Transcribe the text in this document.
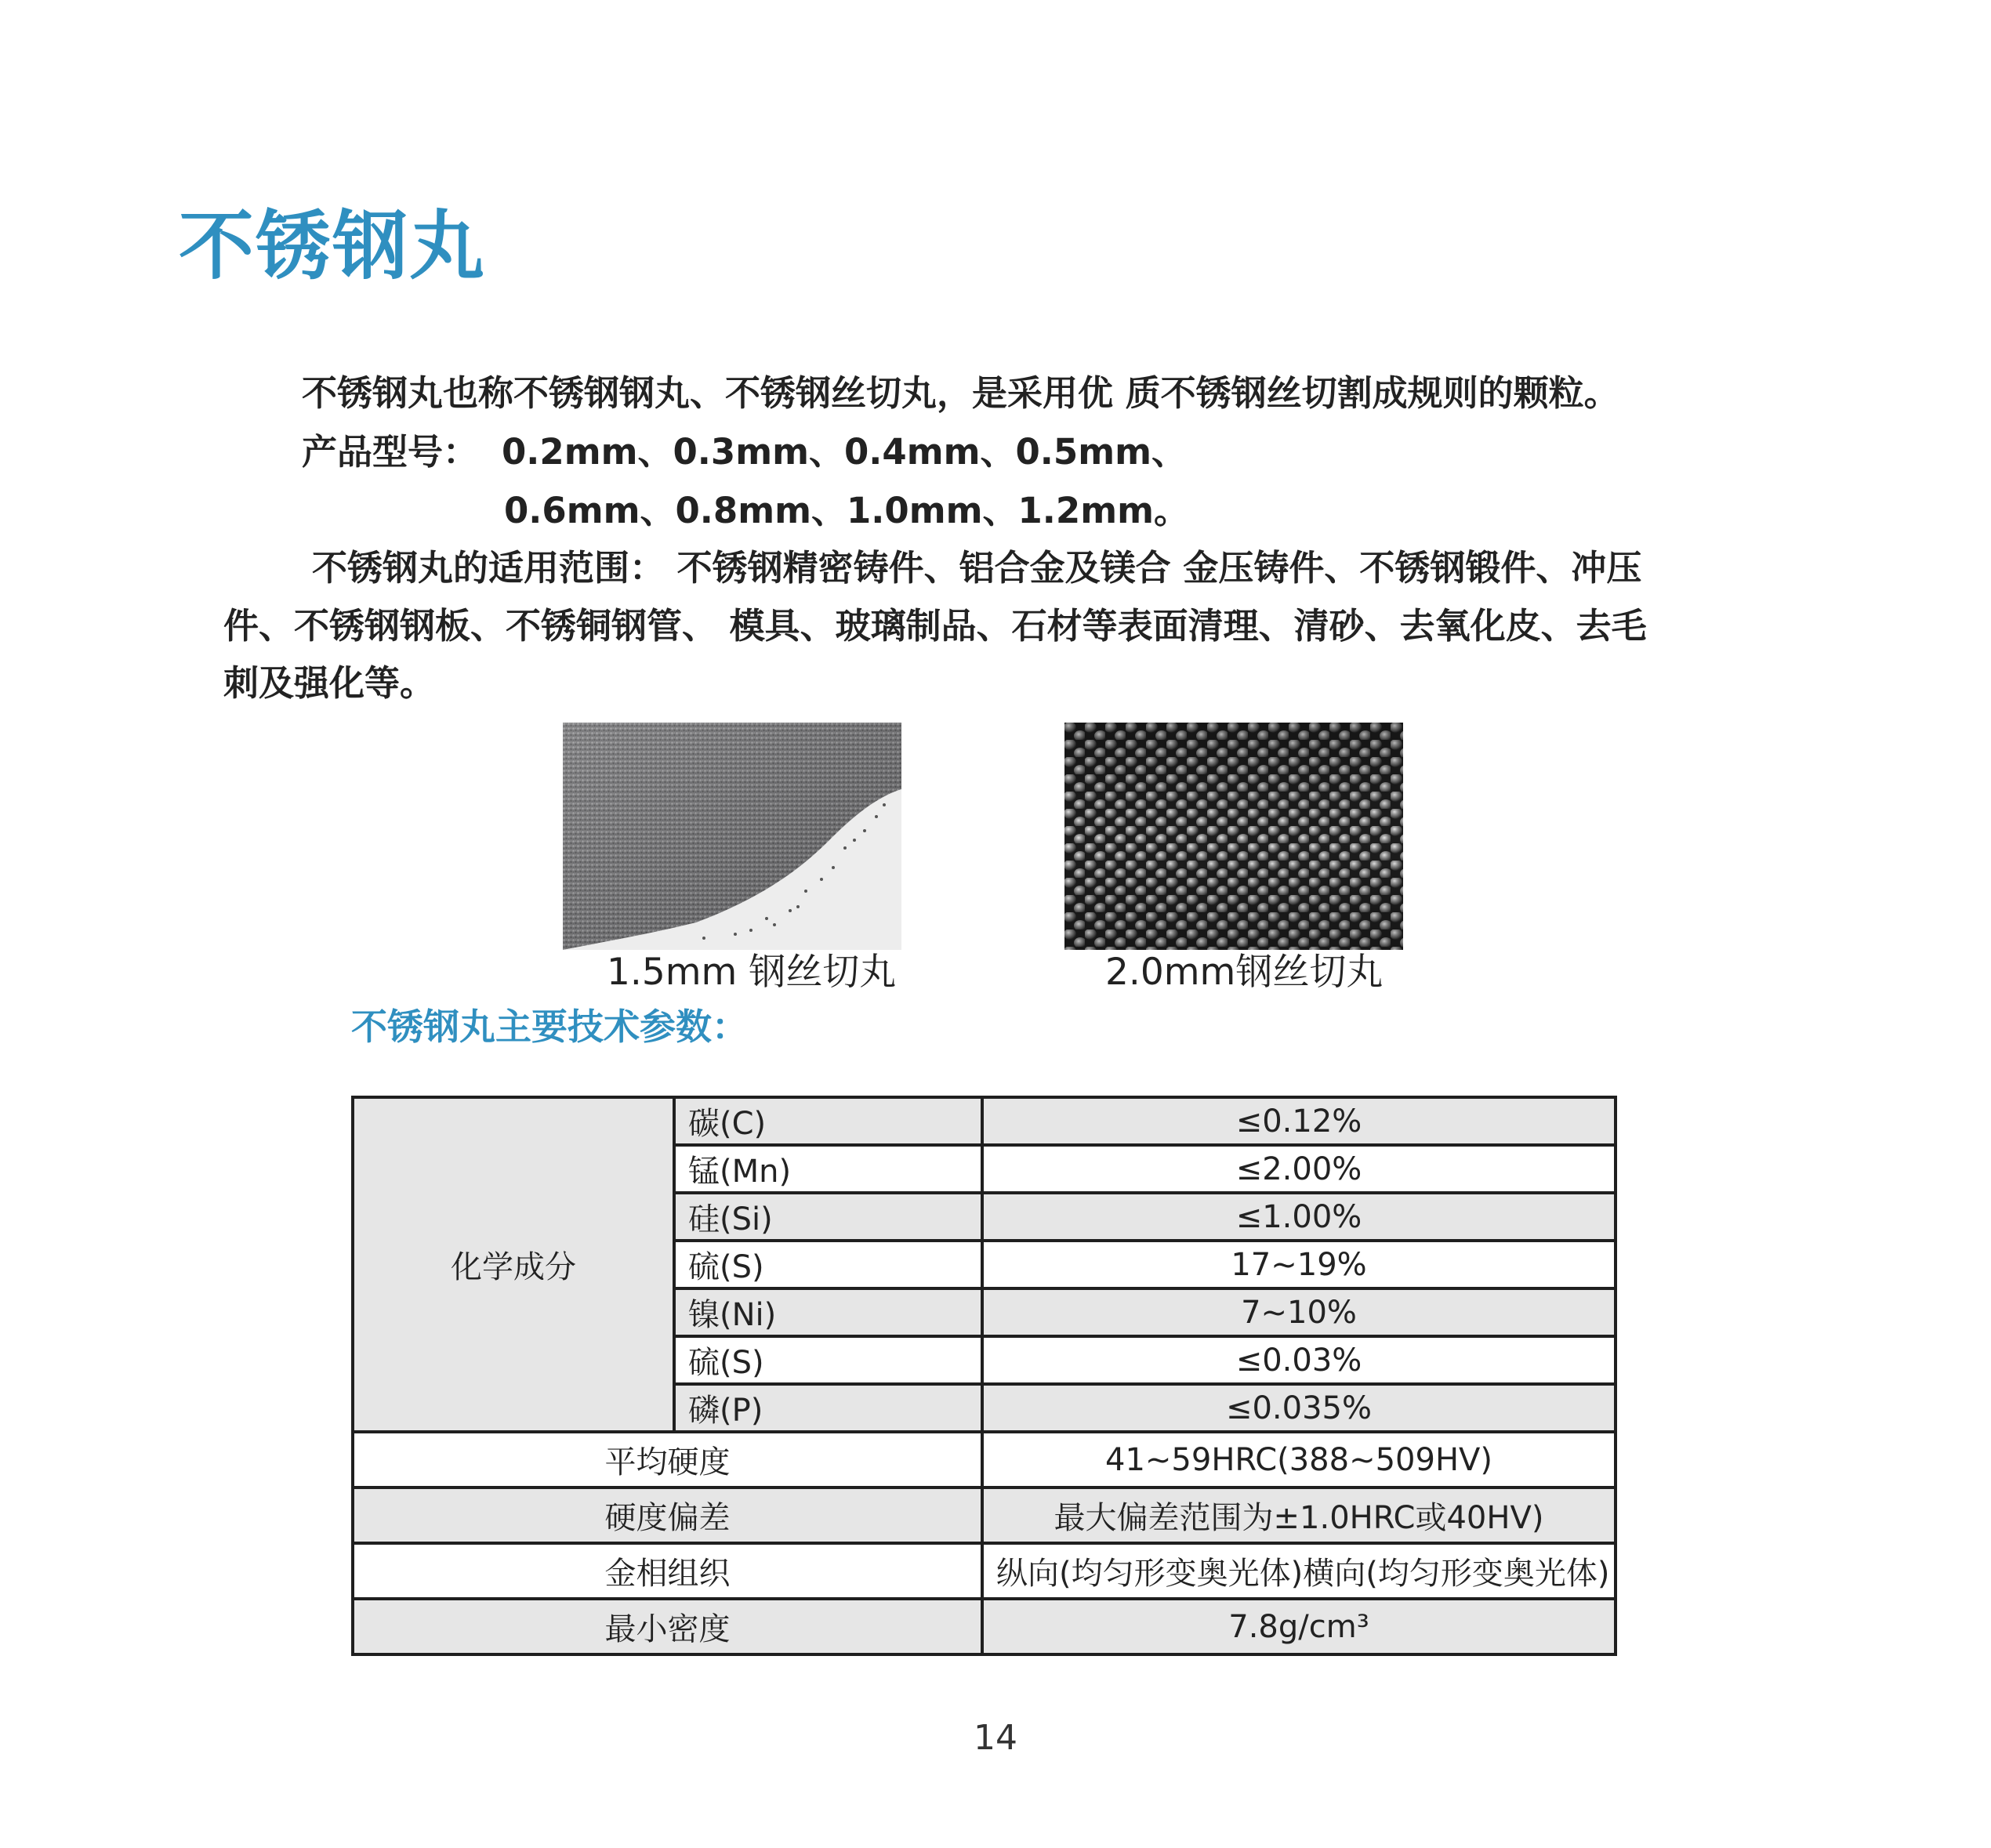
不锈钢丸
不锈钢丸也称不锈钢钢丸、不锈钢丝切丸，是采用优 质不锈钢丝切割成规则的颗粒。
产品型号： 0.2mm、0.3mm、0.4mm、0.5mm、
0.6mm、0.8mm、1.0mm、1.2mm。
不锈钢丸的适用范围： 不锈钢精密铸件、铝合金及镁合 金压铸件、不锈钢锻件、冲压
件、不锈钢钢板、不锈铜钢管、 模具、玻璃制品、石材等表面清理、清砂、去氧化皮、去毛
刺及强化等。
1.5mm 钢丝切丸	2.0mm钢丝切丸
不锈钢丸主要技术参数：
化学成分	碳(C)	≤0.12%
	锰(Mn)	≤2.00%
	硅(Si)	≤1.00%
	硫(S)	17~19%
	镍(Ni)	7~10%
	硫(S)	≤0.03%
	磷(P)	≤0.035%
平均硬度		41~59HRC(388~509HV)
硬度偏差		最大偏差范围为±1.0HRC或40HV)
金相组织		纵向(均匀形变奥光体)横向(均匀形变奥光体)
最小密度		7.8g/cm³
14
